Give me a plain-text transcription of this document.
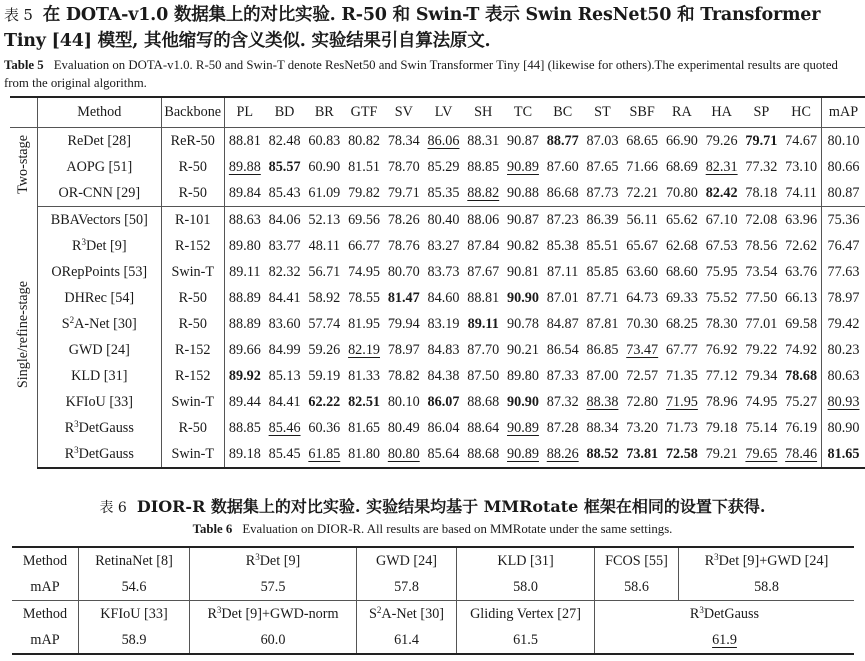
表 5 在 DOTA-v1.0 数据集上的对比实验. R-50 和 Swin-T 表示 Swin ResNet50 和 Transformer Tiny [44] 模型, 其他缩写的含义类似. 实验结果引自算法原文.
Table 5 Evaluation on DOTA-v1.0. R-50 and Swin-T denote ResNet50 and Swin Transformer Tiny [44] (likewise for others).The experimental results are quoted from the original algorithm.
	Method	Backbone	PL	BD	BR	GTF	SV	LV	SH	TC	BC	ST	SBF	RA	HA	SP	HC	mAP
Two-stage	ReDet [28]	ReR-50	88.81	82.48	60.83	80.82	78.34	86.06	88.31	90.87	88.77	87.03	68.65	66.90	79.26	79.71	74.67	80.10
	AOPG [51]	R-50	89.88	85.57	60.90	81.51	78.70	85.29	88.85	90.89	87.60	87.65	71.66	68.69	82.31	77.32	73.10	80.66
	OR-CNN [29]	R-50	89.84	85.43	61.09	79.82	79.71	85.35	88.82	90.88	86.68	87.73	72.21	70.80	82.42	78.18	74.11	80.87
Single/refine-stage	BBAVectors [50]	R-101	88.63	84.06	52.13	69.56	78.26	80.40	88.06	90.87	87.23	86.39	56.11	65.62	67.10	72.08	63.96	75.36
	$R^3Det$ [9]	R-152	89.80	83.77	48.11	66.77	78.76	83.27	87.84	90.82	85.38	85.51	65.67	62.68	67.53	78.56	72.62	76.47
	ORepPoints [53]	Swin-T	89.11	82.32	56.71	74.95	80.70	83.73	87.67	90.81	87.11	85.85	63.60	68.60	75.95	73.54	63.76	77.63
	DHRec [54]	R-50	88.89	84.41	58.92	78.55	81.47	84.60	88.81	90.90	87.01	87.71	64.73	69.33	75.52	77.50	66.13	78.97
	$S^2A$-Net [30]	R-50	88.89	83.60	57.74	81.95	79.94	83.19	89.11	90.78	84.87	87.81	70.30	68.25	78.30	77.01	69.58	79.42
	GWD [24]	R-152	89.66	84.99	59.26	82.19	78.97	84.83	87.70	90.21	86.54	86.85	73.47	67.77	76.92	79.22	74.92	80.23
	KLD [31]	R-152	89.92	85.13	59.19	81.33	78.82	84.38	87.50	89.80	87.33	87.00	72.57	71.35	77.12	79.34	78.68	80.63
	KFIoU [33]	Swin-T	89.44	84.41	62.22	82.51	80.10	86.07	88.68	90.90	87.32	88.38	72.80	71.95	78.96	74.95	75.27	80.93
	$R^3DetGauss$	R-50	88.85	85.46	60.36	81.65	80.49	86.04	88.64	90.89	87.28	88.34	73.20	71.73	79.18	75.14	76.19	80.90
	$R^3DetGauss$	Swin-T	89.18	85.45	61.85	81.80	80.80	85.64	88.68	90.89	88.26	88.52	73.81	72.58	79.21	79.65	78.46	81.65
表 6 DIOR-R 数据集上的对比实验. 实验结果均基于 MMRotate 框架在相同的设置下获得.
Table 6 Evaluation on DIOR-R. All results are based on MMRotate under the same settings.
Method	RetinaNet [8]	$R^3Det$ [9]	GWD [24]	KLD [31]	FCOS [55]	$R^3Det$ [9]+GWD [24]
mAP	54.6	57.5	57.8	58.0	58.6	58.8
Method	KFIoU [33]	$R^3Det$ [9]+GWD-norm	$S^2A$-Net [30]	Gliding Vertex [27]	$R^3DetGauss$	
mAP	58.9	60.0	61.4	61.5	61.9	
